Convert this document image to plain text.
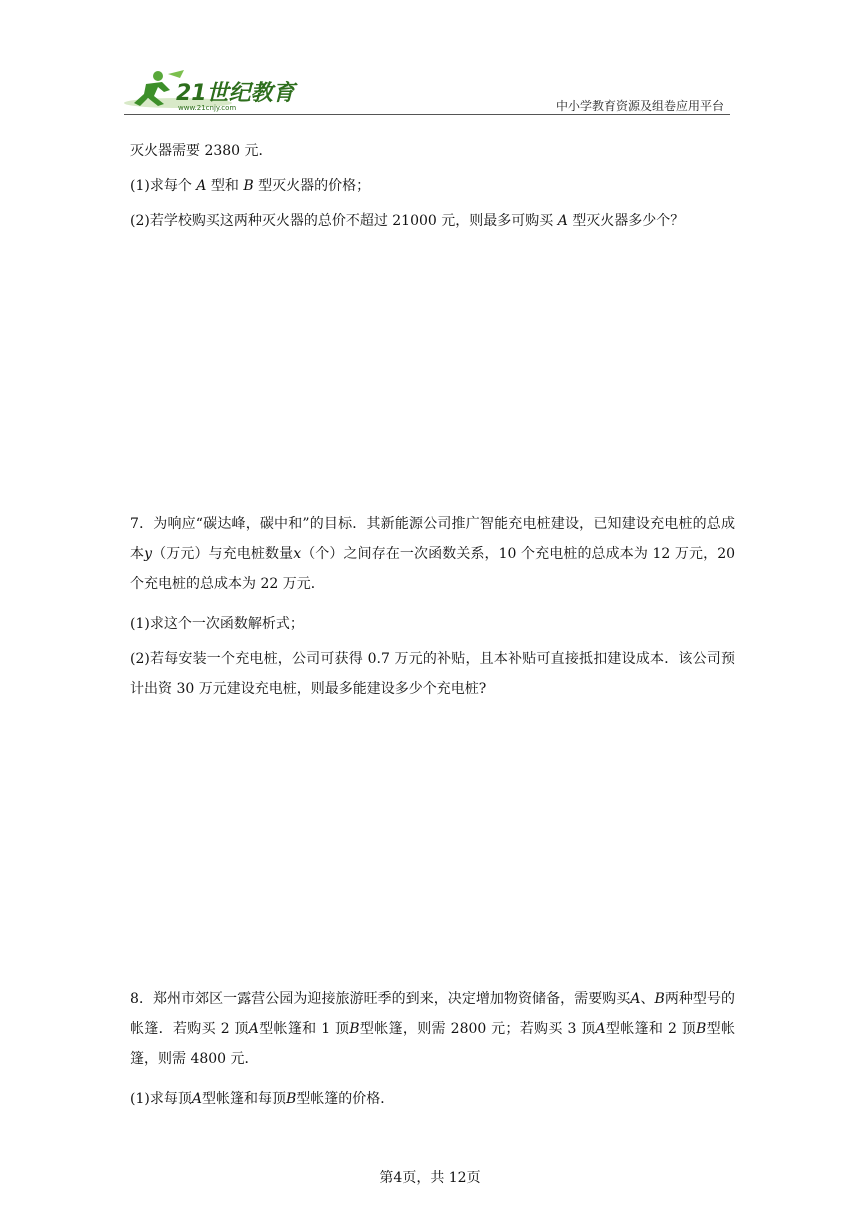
21世纪教育
www.21cnjy.com	中小学教育资源及组卷应用平台
灭火器需要 2380 元．
(1)求每个 A 型和 B 型灭火器的价格；
(2)若学校购买这两种灭火器的总价不超过 21000 元，则最多可购买 A 型灭火器多少个？
7．为响应“碳达峰，碳中和”的目标．其新能源公司推广智能充电桩建设，已知建设充电桩的总成本y（万元）与充电桩数量x（个）之间存在一次函数关系，10 个充电桩的总成本为 12 万元，20 个充电桩的总成本为 22 万元．
(1)求这个一次函数解析式；
(2)若每安装一个充电桩，公司可获得 0.7 万元的补贴，且本补贴可直接抵扣建设成本．该公司预计出资 30 万元建设充电桩，则最多能建设多少个充电桩?
8．郑州市郊区一露营公园为迎接旅游旺季的到来，决定增加物资储备，需要购买A、B两种型号的帐篷．若购买 2 顶A型帐篷和 1 顶B型帐篷，则需 2800 元；若购买 3 顶A型帐篷和 2 顶B型帐篷，则需 4800 元．
(1)求每顶A型帐篷和每顶B型帐篷的价格．
第4页，共 12页
